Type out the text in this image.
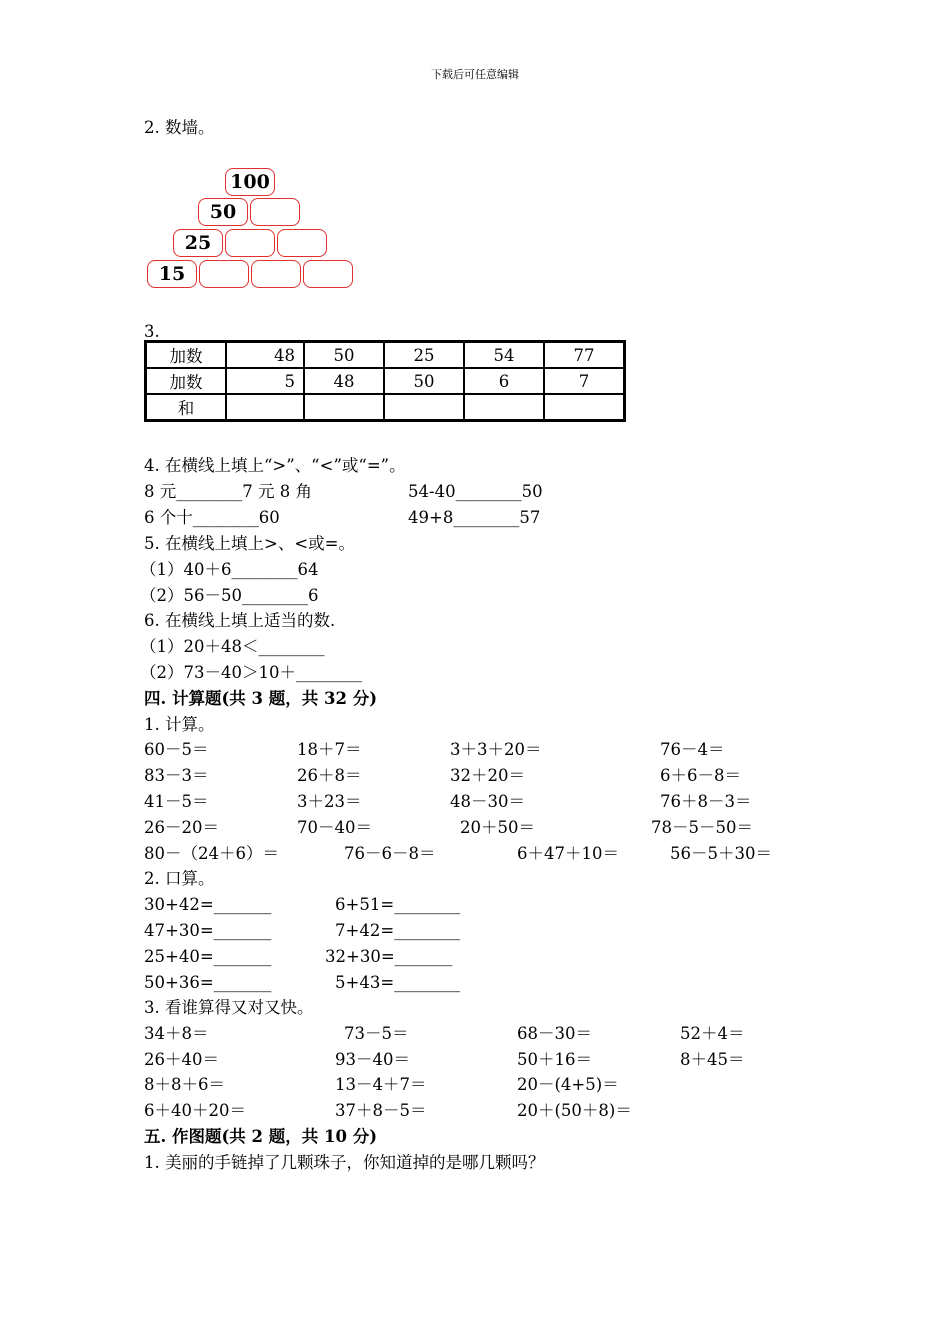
下载后可任意编辑
2. 数墙。
100
50
25
15
3.
加数	48	50	25	54	77
加数	5	48	50	6	7
和					
4. 在横线上填上“>”、“<”或“=”。
8 元________7 元 8 角	54-40________50
6 个十________60	49+8________57
5. 在横线上填上>、<或=。
（1）40＋6________64
（2）56－50________6
6. 在横线上填上适当的数.
（1）20＋48＜________
（2）73－40＞10＋________
四. 计算题(共 3 题，共 32 分)
1. 计算。
60－5＝	18＋7＝	3＋3＋20＝	76－4＝
83－3＝	26＋8＝	32＋20＝	6＋6－8＝
41－5＝	3＋23＝	48－30＝	76＋8－3＝
26－20＝	70－40＝	20＋50＝	78－5－50＝
80－（24＋6）＝	76－6－8＝	6＋47＋10＝	56－5＋30＝
2. 口算。
30+42=_______	6+51=________
47+30=_______	7+42=________
25+40=_______	32+30=_______
50+36=_______	5+43=________
3. 看谁算得又对又快。
34＋8＝	73－5＝	68－30＝	52＋4＝
26＋40＝	93－40＝	50＋16＝	8＋45＝
8＋8＋6＝	13－4＋7＝	20－(4+5)＝
6＋40＋20＝	37＋8－5＝	20＋(50＋8)＝
五. 作图题(共 2 题，共 10 分)
1. 美丽的手链掉了几颗珠子，你知道掉的是哪几颗吗？
